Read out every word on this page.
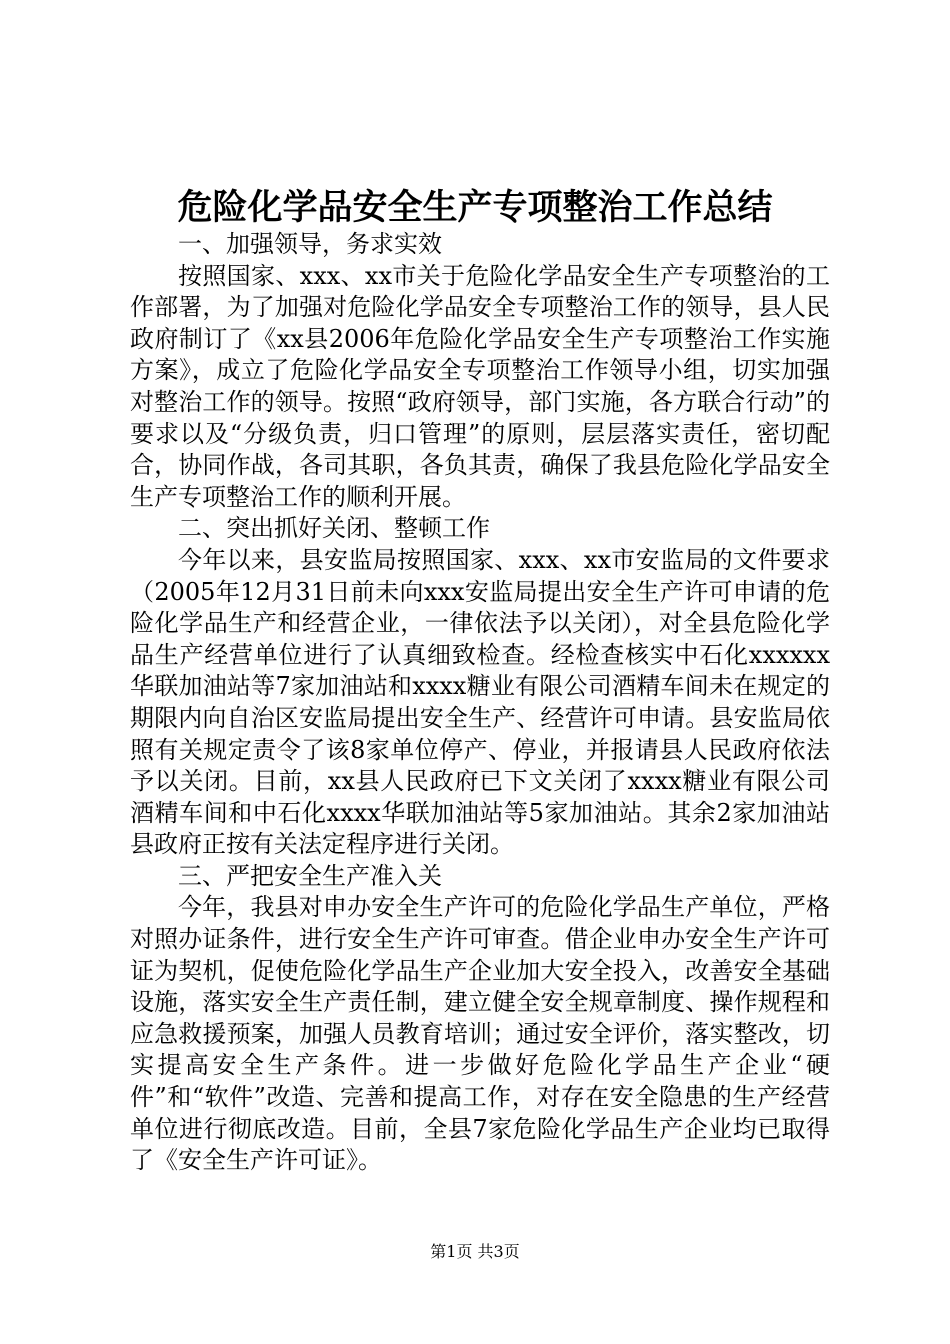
危险化学品安全生产专项整治工作总结

一、加强领导，务求实效

按照国家、xxx、xx市关于危险化学品安全生产专项整治的工作部署，为了加强对危险化学品安全专项整治工作的领导，县人民政府制订了《xx县2006年危险化学品安全生产专项整治工作实施方案》，成立了危险化学品安全专项整治工作领导小组，切实加强对整治工作的领导。按照“政府领导，部门实施，各方联合行动”的要求以及“分级负责，归口管理”的原则，层层落实责任，密切配合，协同作战，各司其职，各负其责，确保了我县危险化学品安全生产专项整治工作的顺利开展。

二、突出抓好关闭、整顿工作

今年以来，县安监局按照国家、xxx、xx市安监局的文件要求（2005年12月31日前未向xxx安监局提出安全生产许可申请的危险化学品生产和经营企业，一律依法予以关闭），对全县危险化学品生产经营单位进行了认真细致检查。经检查核实中石化xxxxxx华联加油站等7家加油站和xxxx糖业有限公司酒精车间未在规定的期限内向自治区安监局提出安全生产、经营许可申请。县安监局依照有关规定责令了该8家单位停产、停业，并报请县人民政府依法予以关闭。目前，xx县人民政府已下文关闭了xxxx糖业有限公司酒精车间和中石化xxxx华联加油站等5家加油站。其余2家加油站县政府正按有关法定程序进行关闭。

三、严把安全生产准入关

今年，我县对申办安全生产许可的危险化学品生产单位，严格对照办证条件，进行安全生产许可审查。借企业申办安全生产许可证为契机，促使危险化学品生产企业加大安全投入，改善安全基础设施，落实安全生产责任制，建立健全安全规章制度、操作规程和应急救援预案，加强人员教育培训；通过安全评价，落实整改，切实提高安全生产条件。进一步做好危险化学品生产企业“硬件”和“软件”改造、完善和提高工作，对存在安全隐患的生产经营单位进行彻底改造。目前，全县7家危险化学品生产企业均已取得了《安全生产许可证》。

第1页 共3页
